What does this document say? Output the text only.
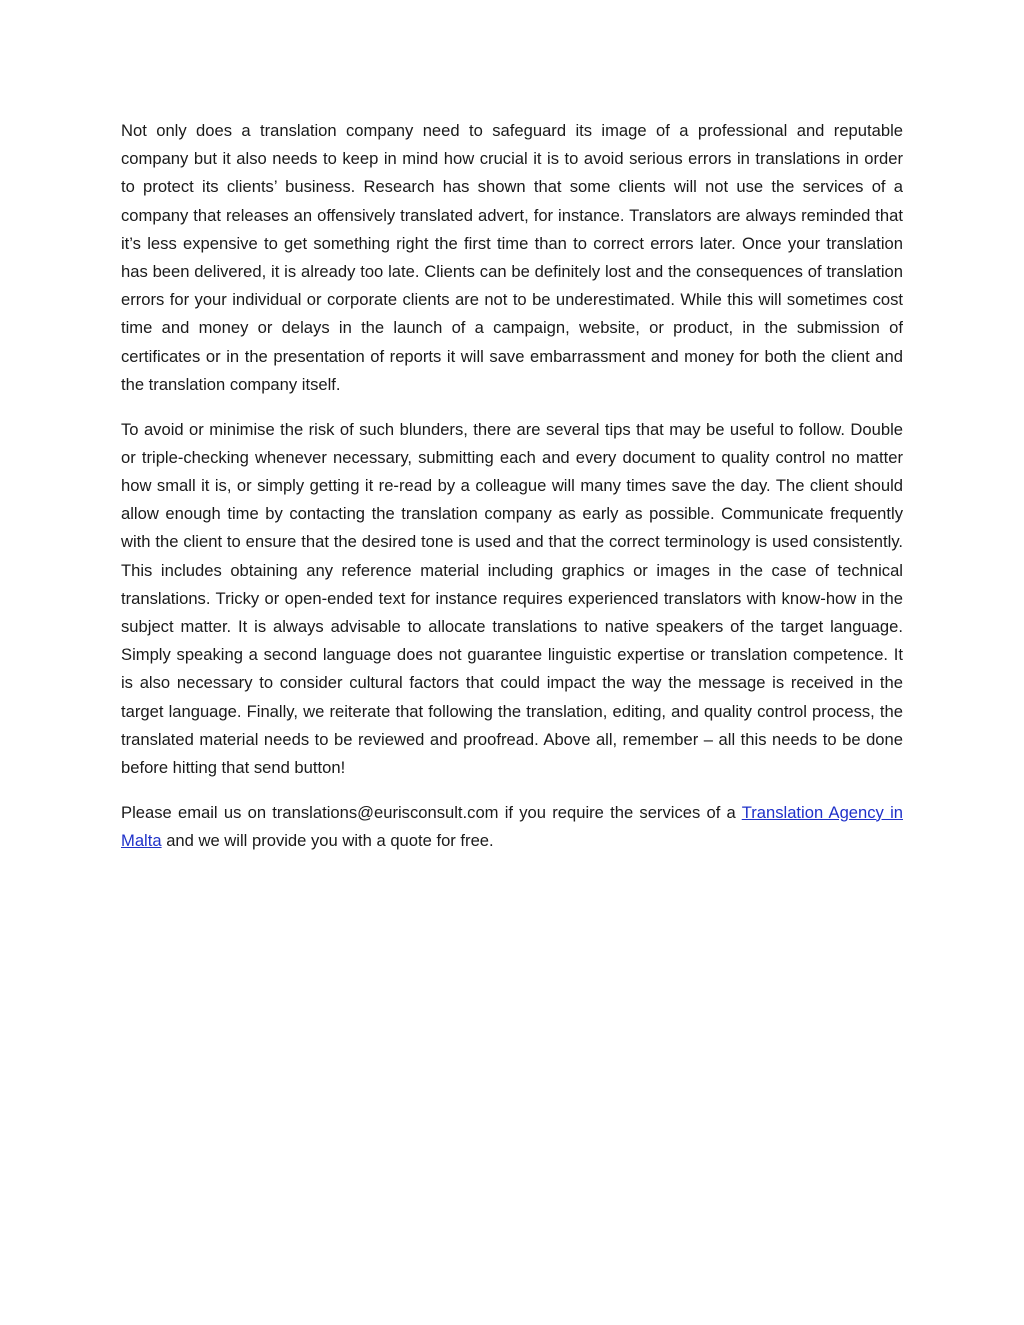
Not only does a translation company need to safeguard its image of a professional and reputable company but it also needs to keep in mind how crucial it is to avoid serious errors in translations in order to protect its clients’ business. Research has shown that some clients will not use the services of a company that releases an offensively translated advert, for instance. Translators are always reminded that it’s less expensive to get something right the first time than to correct errors later. Once your translation has been delivered, it is already too late. Clients can be definitely lost and the consequences of translation errors for your individual or corporate clients are not to be underestimated. While this will sometimes cost time and money or delays in the launch of a campaign, website, or product, in the submission of certificates or in the presentation of reports it will save embarrassment and money for both the client and the translation company itself.

To avoid or minimise the risk of such blunders, there are several tips that may be useful to follow. Double or triple-checking whenever necessary, submitting each and every document to quality control no matter how small it is, or simply getting it re-read by a colleague will many times save the day. The client should allow enough time by contacting the translation company as early as possible. Communicate frequently with the client to ensure that the desired tone is used and that the correct terminology is used consistently. This includes obtaining any reference material including graphics or images in the case of technical translations. Tricky or open-ended text for instance requires experienced translators with know-how in the subject matter. It is always advisable to allocate translations to native speakers of the target language. Simply speaking a second language does not guarantee linguistic expertise or translation competence. It is also necessary to consider cultural factors that could impact the way the message is received in the target language. Finally, we reiterate that following the translation, editing, and quality control process, the translated material needs to be reviewed and proofread. Above all, remember – all this needs to be done before hitting that send button!

Please email us on translations@eurisconsult.com if you require the services of a Translation Agency in Malta and we will provide you with a quote for free.
